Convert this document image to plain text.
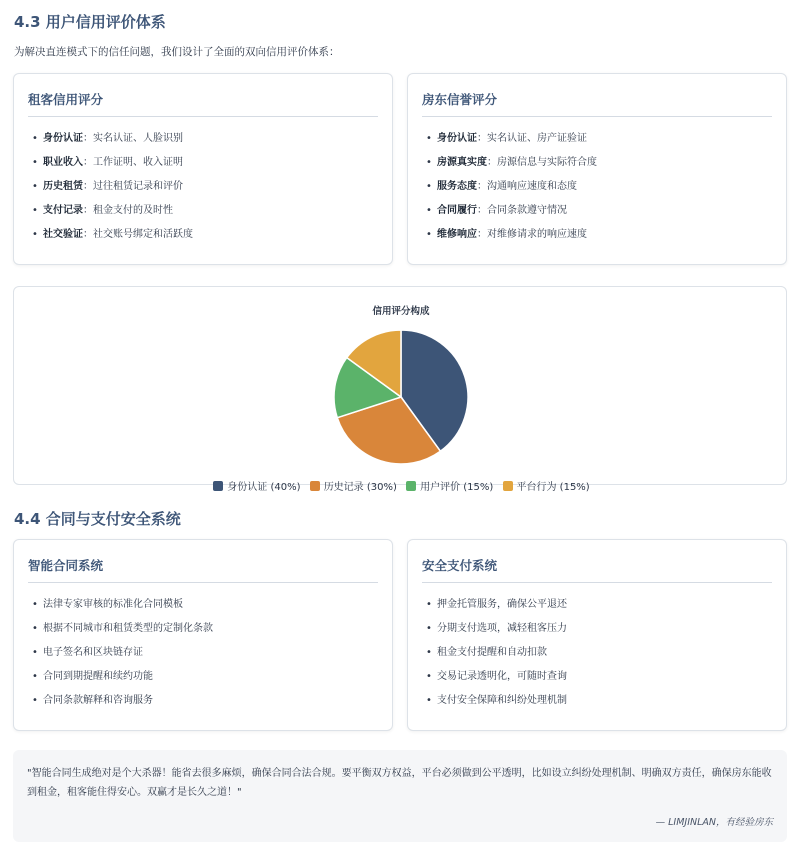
4.3 用户信用评价体系
为解决直连模式下的信任问题，我们设计了全面的双向信用评价体系：
租客信用评分
• 身份认证：实名认证、人脸识别
• 职业收入：工作证明、收入证明
• 历史租赁：过往租赁记录和评价
• 支付记录：租金支付的及时性
• 社交验证：社交账号绑定和活跃度
房东信誉评分
• 身份认证：实名认证、房产证验证
• 房源真实度：房源信息与实际符合度
• 服务态度：沟通响应速度和态度
• 合同履行：合同条款遵守情况
• 维修响应：对维修请求的响应速度
信用评分构成
身份认证 (40%) 历史记录 (30%) 用户评价 (15%) 平台行为 (15%)
4.4 合同与支付安全系统
智能合同系统
• 法律专家审核的标准化合同模板
• 根据不同城市和租赁类型的定制化条款
• 电子签名和区块链存证
• 合同到期提醒和续约功能
• 合同条款解释和咨询服务
安全支付系统
• 押金托管服务，确保公平退还
• 分期支付选项，减轻租客压力
• 租金支付提醒和自动扣款
• 交易记录透明化，可随时查询
• 支付安全保障和纠纷处理机制
"智能合同生成绝对是个大杀器！能省去很多麻烦，确保合同合法合规。要平衡双方权益，平台必须做到公平透明，比如设立纠纷处理机制、明确双方责任，确保房东能收到租金，租客能住得安心。双赢才是长久之道！"
— LIMJINLAN，有经验房东
